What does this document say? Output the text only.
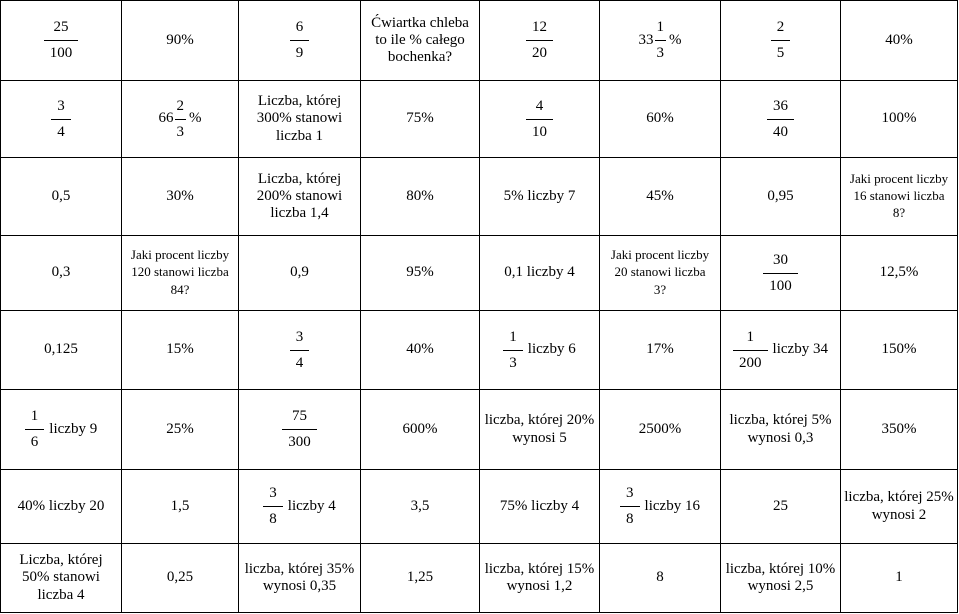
$\frac{25}{100}$	90%	$\frac{6}{9}$	Ćwiartka chleba
to ile % całego
bochenka?	$\frac{12}{20}$	$33 \frac{1}{3}$ %	$\frac{2}{5}$	40%

$\frac{3}{4}$	$66 \frac{2}{3}$ %	Liczba, której
300% stanowi
liczba 1	75%	$\frac{4}{10}$	60%	$\frac{36}{40}$	100%
0,5	30%	Liczba, której
200% stanowi
liczba 1,4	80%	5% liczby 7	45%	0,95	Jaki procent liczby
16 stanowi liczba
8?
0,3	Jaki procent liczby
120 stanowi liczba
84?	0,9	95%	0,1 liczby 4	Jaki procent liczby
20 stanowi liczba
3?	$\frac{30}{100}$	12,5%
0,125	15%	$\frac{3}{4}$	40%	$\frac{1}{3}$ liczby 6	17%	$\frac{1}{200}$ liczby 34	150%

$\frac{1}{6}$ liczby 9	25%	$\frac{75}{300}$	600%	liczba, której 20%
wynosi 5	2500%	liczba, której 5%
wynosi 0,3	350%
40% liczby 20	1,5	$\frac{3}{8}$ liczby 4	3,5	75% liczby 4	$\frac{3}{8}$ liczby 16	25	liczba, której 25%
wynosi 2
Liczba, której
50% stanowi
liczba 4	0,25	liczba, której 35%
wynosi 0,35	1,25	liczba, której 15%
wynosi 1,2	8	liczba, której 10%
wynosi 2,5	1
